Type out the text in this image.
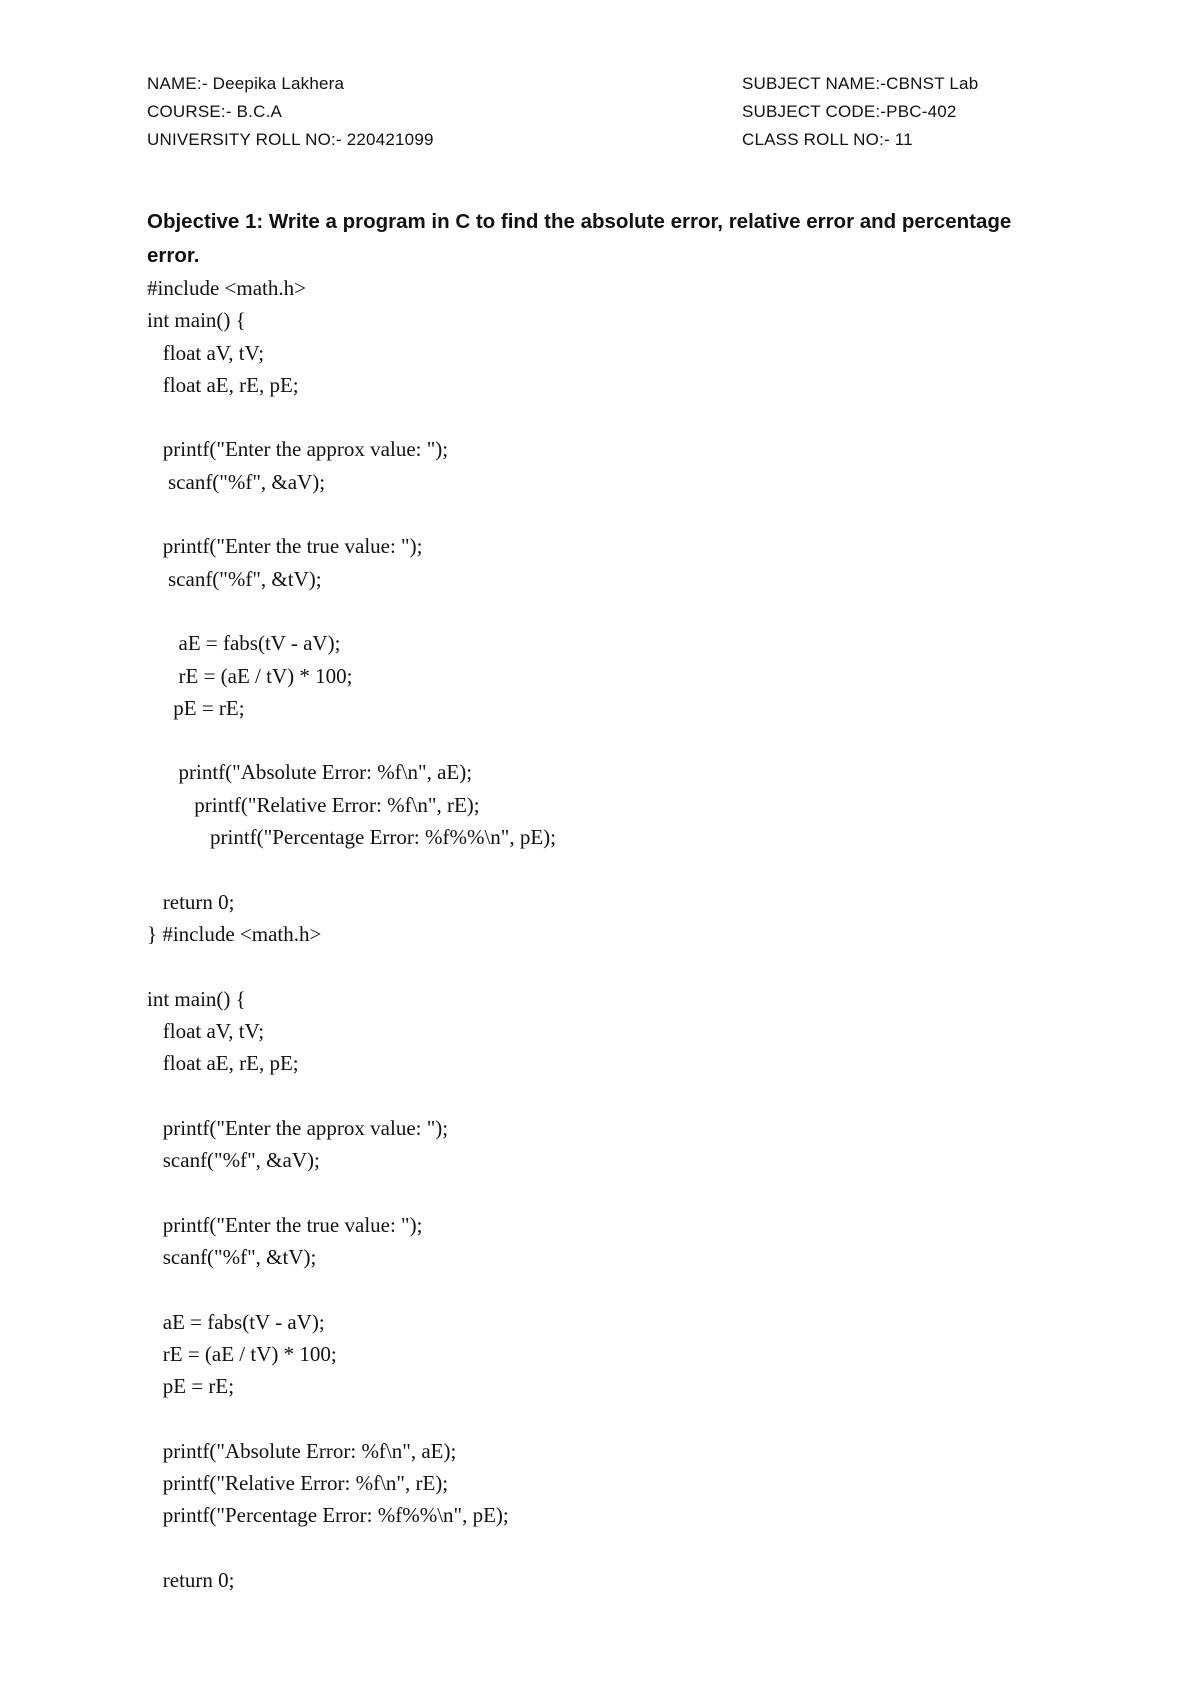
NAME:- Deepika Lakhera	SUBJECT NAME:-CBNST Lab
COURSE:- B.C.A	SUBJECT CODE:-PBC-402
UNIVERSITY ROLL NO:- 220421099	CLASS ROLL NO:- 11
Objective 1: Write a program in C to find the absolute error, relative error and percentage error.
#include <math.h>
int main() {
float aV, tV;
float aE, rE, pE;
printf("Enter the approx value: ");
scanf("%f", &aV);
printf("Enter the true value: ");
scanf("%f", &tV);
aE = fabs(tV - aV);
rE = (aE / tV) * 100;
pE = rE;
printf("Absolute Error: %f\n", aE);
printf("Relative Error: %f\n", rE);
printf("Percentage Error: %f%%\n", pE);
return 0;
} #include <math.h>
int main() {
float aV, tV;
float aE, rE, pE;
printf("Enter the approx value: ");
scanf("%f", &aV);
printf("Enter the true value: ");
scanf("%f", &tV);
aE = fabs(tV - aV);
rE = (aE / tV) * 100;
pE = rE;
printf("Absolute Error: %f\n", aE);
printf("Relative Error: %f\n", rE);
printf("Percentage Error: %f%%\n", pE);
return 0;
